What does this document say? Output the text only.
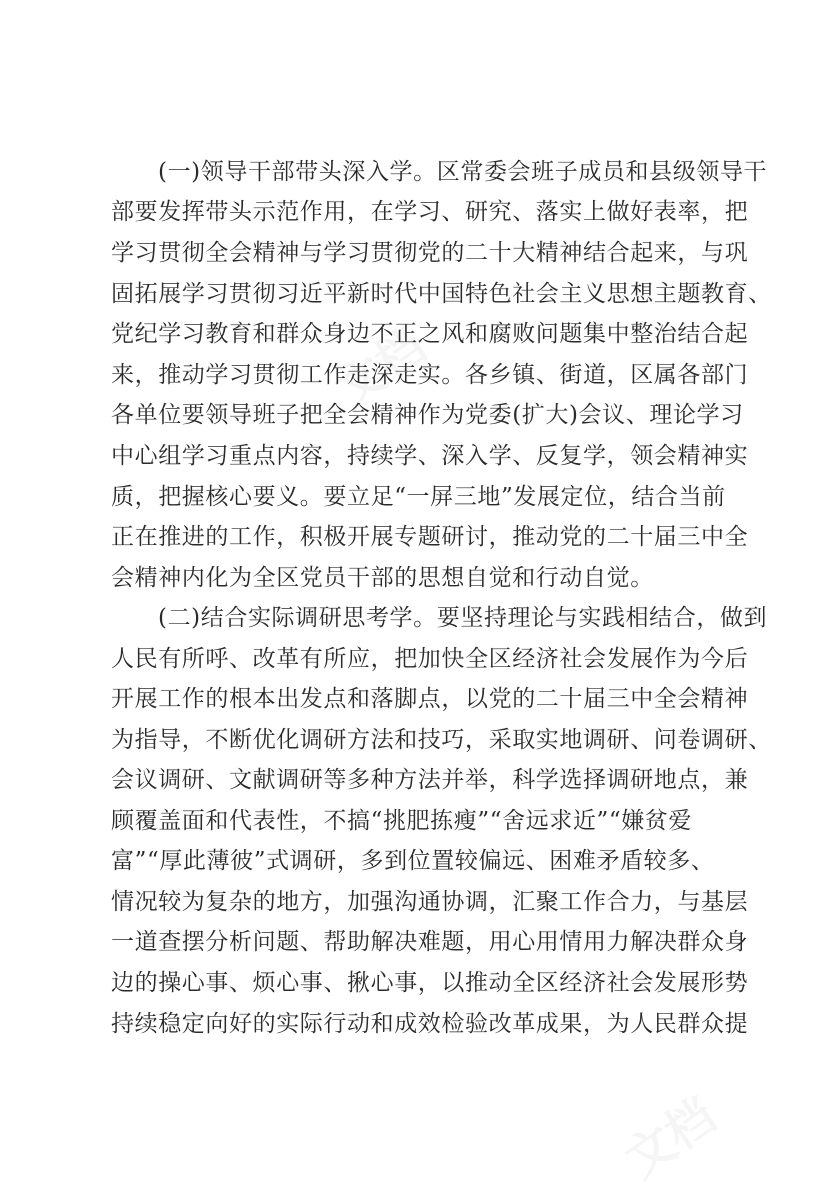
文档
文档
(一)领导干部带头深入学。区常委会班子成员和县级领导干
部要发挥带头示范作用，在学习、研究、落实上做好表率，把
学习贯彻全会精神与学习贯彻党的二十大精神结合起来，与巩
固拓展学习贯彻习近平新时代中国特色社会主义思想主题教育、
党纪学习教育和群众身边不正之风和腐败问题集中整治结合起
来，推动学习贯彻工作走深走实。各乡镇、街道，区属各部门
各单位要领导班子把全会精神作为党委(扩大)会议、理论学习
中心组学习重点内容，持续学、深入学、反复学，领会精神实
质，把握核心要义。要立足“一屏三地”发展定位，结合当前
正在推进的工作，积极开展专题研讨，推动党的二十届三中全
会精神内化为全区党员干部的思想自觉和行动自觉。
(二)结合实际调研思考学。要坚持理论与实践相结合，做到
人民有所呼、改革有所应，把加快全区经济社会发展作为今后
开展工作的根本出发点和落脚点，以党的二十届三中全会精神
为指导，不断优化调研方法和技巧，采取实地调研、问卷调研、
会议调研、文献调研等多种方法并举，科学选择调研地点，兼
顾覆盖面和代表性，不搞“挑肥拣瘦”“舍远求近”“嫌贫爱
富”“厚此薄彼”式调研，多到位置较偏远、困难矛盾较多、
情况较为复杂的地方，加强沟通协调，汇聚工作合力，与基层
一道查摆分析问题、帮助解决难题，用心用情用力解决群众身
边的操心事、烦心事、揪心事，以推动全区经济社会发展形势
持续稳定向好的实际行动和成效检验改革成果，为人民群众提
